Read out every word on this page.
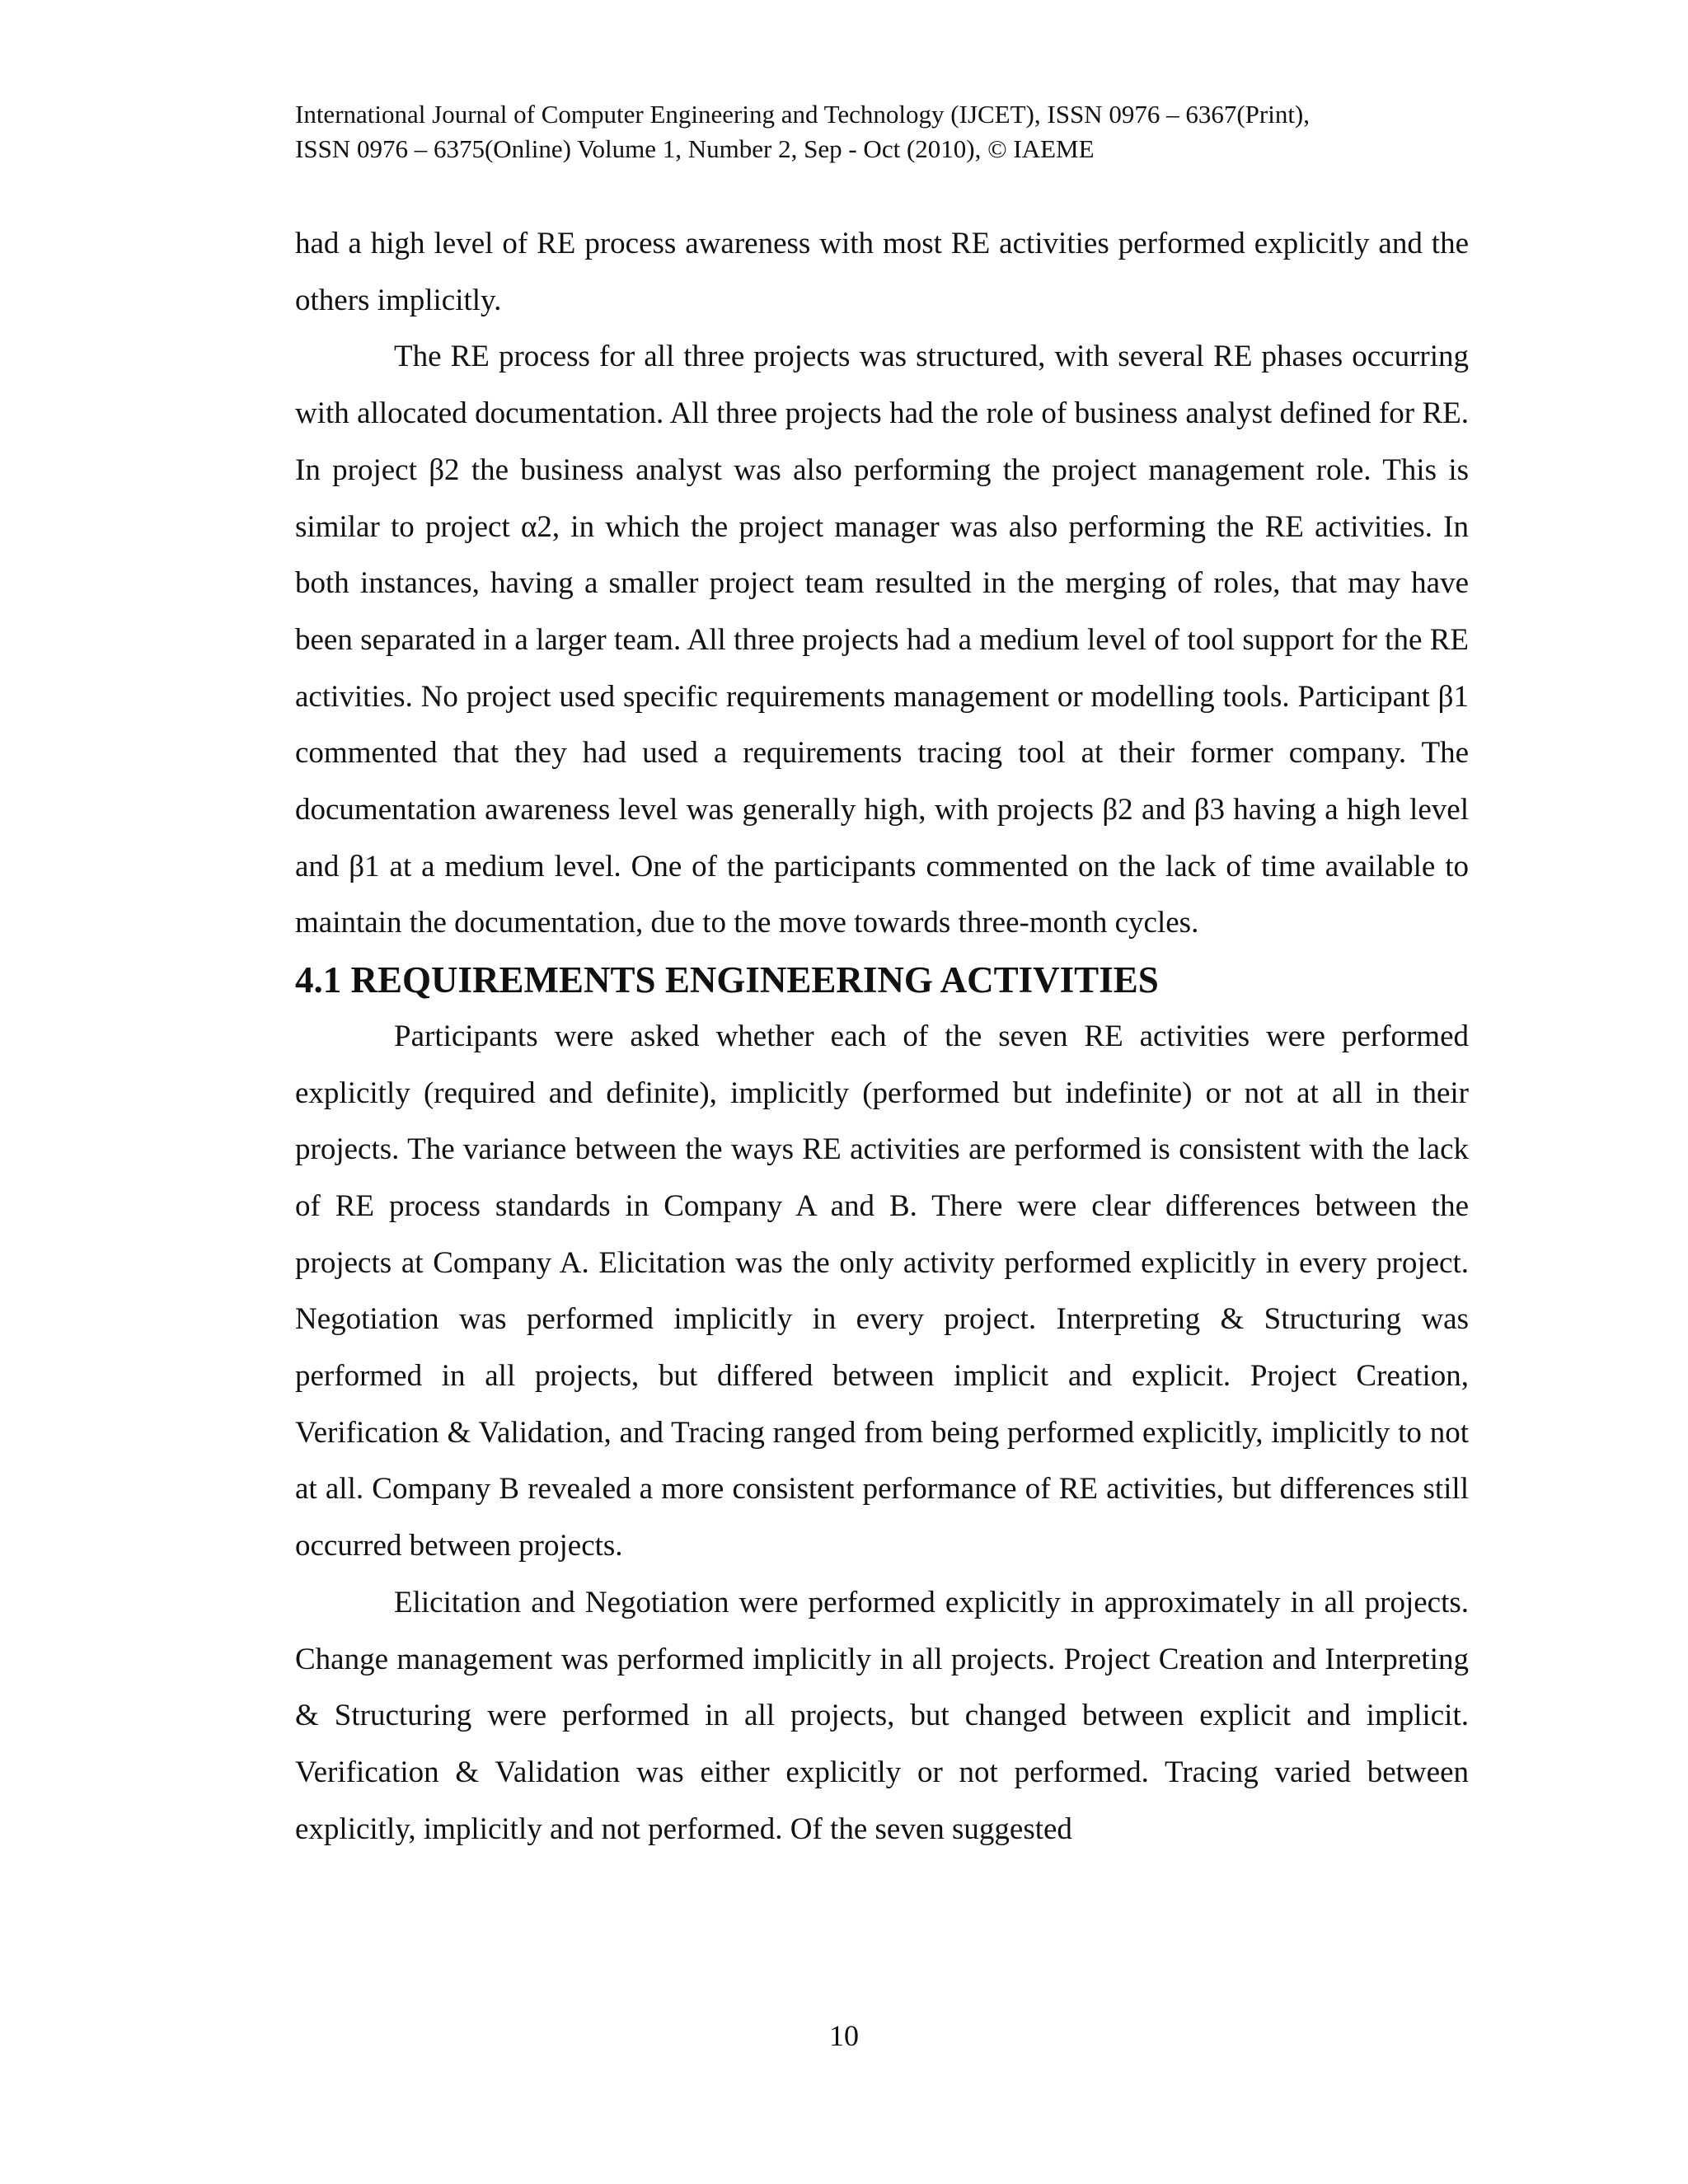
International Journal of Computer Engineering and Technology (IJCET), ISSN 0976 – 6367(Print),
ISSN 0976 – 6375(Online) Volume 1, Number 2, Sep - Oct (2010), © IAEME

had a high level of RE process awareness with most RE activities performed explicitly and the others implicitly.

The RE process for all three projects was structured, with several RE phases occurring with allocated documentation. All three projects had the role of business analyst defined for RE. In project β2 the business analyst was also performing the project management role. This is similar to project α2, in which the project manager was also performing the RE activities. In both instances, having a smaller project team resulted in the merging of roles, that may have been separated in a larger team. All three projects had a medium level of tool support for the RE activities. No project used specific requirements management or modelling tools. Participant β1 commented that they had used a requirements tracing tool at their former company. The documentation awareness level was generally high, with projects β2 and β3 having a high level and β1 at a medium level. One of the participants commented on the lack of time available to maintain the documentation, due to the move towards three-month cycles.

4.1 REQUIREMENTS ENGINEERING ACTIVITIES

Participants were asked whether each of the seven RE activities were performed explicitly (required and definite), implicitly (performed but indefinite) or not at all in their projects. The variance between the ways RE activities are performed is consistent with the lack of RE process standards in Company A and B. There were clear differences between the projects at Company A. Elicitation was the only activity performed explicitly in every project. Negotiation was performed implicitly in every project. Interpreting & Structuring was performed in all projects, but differed between implicit and explicit. Project Creation, Verification & Validation, and Tracing ranged from being performed explicitly, implicitly to not at all. Company B revealed a more consistent performance of RE activities, but differences still occurred between projects.

Elicitation and Negotiation were performed explicitly in approximately in all projects. Change management was performed implicitly in all projects. Project Creation and Interpreting & Structuring were performed in all projects, but changed between explicit and implicit. Verification & Validation was either explicitly or not performed. Tracing varied between explicitly, implicitly and not performed. Of the seven suggested

10
